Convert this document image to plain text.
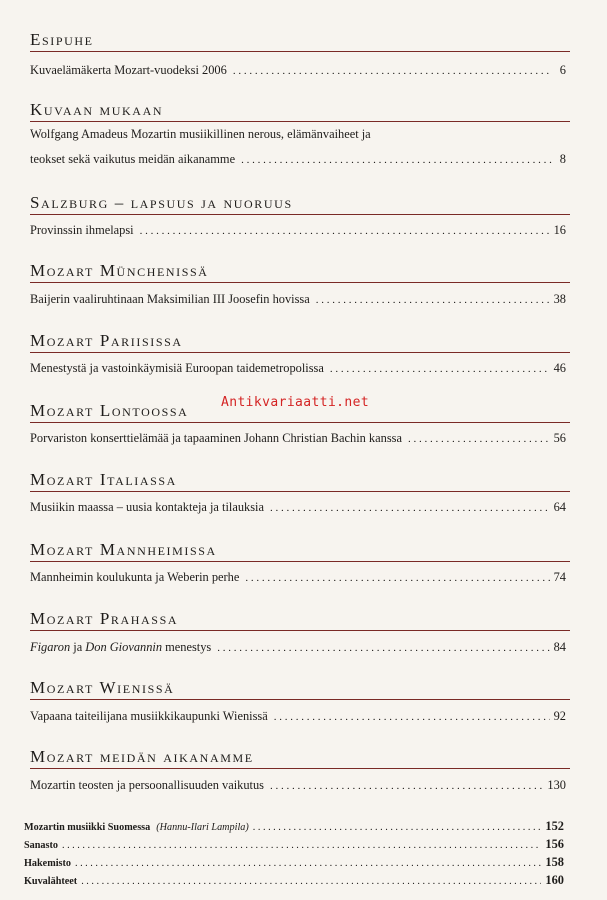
Esipuhe
Kuvaelämäkerta Mozart-vuodeksi 2006 . . .	6
Kuvaan mukaan
Wolfgang Amadeus Mozartin musiikillinen nerous, elämänvaiheet ja
teokset sekä vaikutus meidän aikanamme . . .	8
Salzburg – lapsuus ja nuoruus
Provinssin ihmelapsi . . .	16
Mozart Münchenissä
Baijerin vaaliruhtinaan Maksimilian III Joosefin hovissa . . .	38
Mozart Pariisissa
Menestystä ja vastoinkäymisiä Euroopan taidemetropolissa . . .	46
Mozart Lontoossa
Porvariston konserttielämää ja tapaaminen Johann Christian Bachin kanssa . . .	56
Mozart Italiassa
Musiikin maassa – uusia kontakteja ja tilauksia . . .	64
Mozart Mannheimissa
Mannheimin koulukunta ja Weberin perhe . . .	74
Mozart Prahassa
Figaron ja Don Giovannin menestys . . .	84
Mozart Wienissä
Vapaana taiteilijana musiikkikaupunki Wienissä . . .	92
Mozart meidän aikanamme
Mozartin teosten ja persoonallisuuden vaikutus . . .	130
Mozartin musiikki Suomessa (Hannu-Ilari Lampila) . . .	152
Sanasto . . .	156
Hakemisto . . .	158
Kuvalähteet . . .	160
Antikvariaatti.net
